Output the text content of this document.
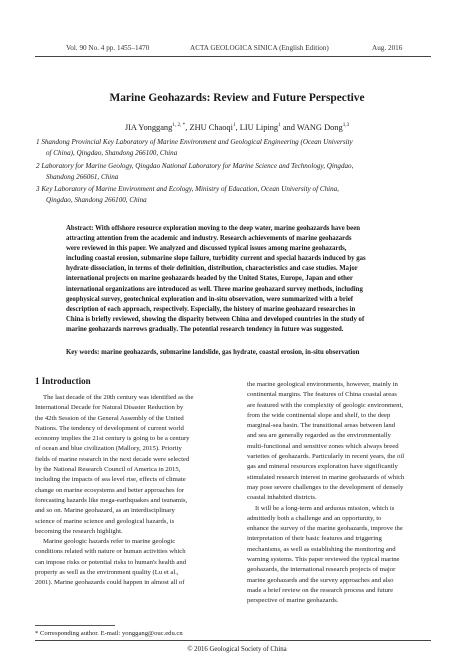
Vol. 90 No. 4 pp. 1455–1470	ACTA GEOLOGICA SINICA (English Edition)	Aug. 2016
Marine Geohazards: Review and Future Perspective
JIA Yonggang$^{1, 2, *}$, ZHU Chaoqi$^1$, LIU Liping$^1$ and WANG Dong$^{1,3}$
1 Shandong Provincial Key Laboratory of Marine Environment and Geological Engineering (Ocean University
of China), Qingdao, Shandong 266100, China
2 Laboratory for Marine Geology, Qingdao National Laboratory for Marine Science and Technology, Qingdao,
Shandong 266061, China
3 Key Laboratory of Marine Environment and Ecology, Ministry of Education, Ocean University of China,
Qingdao, Shandong 266100, China
Abstract: With offshore resource exploration moving to the deep water, marine geohazards have been
attracting attention from the academic and industry. Research achievements of marine geohazards
were reviewed in this paper. We analyzed and discussed typical issues among marine geohazards,
including coastal erosion, submarine slope failure, turbidity current and special hazards induced by gas
hydrate dissociation, in terms of their definition, distribution, characteristics and case studies. Major
international projects on marine geohazards headed by the United States, Europe, Japan and other
international organizations are introduced as well. Three marine geohazard survey methods, including
geophysical survey, geotechnical exploration and in-situ observation, were summarized with a brief
description of each approach, respectively. Especially, the history of marine geohazard researches in
China is briefly reviewed, showing the disparity between China and developed countries in the study of
marine geohazards narrows gradually. The potential research tendency in future was suggested.
Key words: marine geohazards, submarine landslide, gas hydrate, coastal erosion, in-situ observation
1 Introduction
The last decade of the 20th century was identified as the
International Decade for Natural Disaster Reduction by
the 42th Session of the General Assembly of the United
Nations. The tendency of development of current world
economy implies the 21st century is going to be a century
of ocean and blue civilization (Mallory, 2015). Priority
fields of marine research in the next decade were selected
by the National Research Council of America in 2015,
including the impacts of sea level rise, effects of climate
change on marine ecosystems and better approaches for
forecasting hazards like mega-earthquakes and tsunamis,
and so on. Marine geohazard, as an interdisciplinary
science of marine science and geological hazards, is
becoming the research highlight.
Marine geologic hazards refer to marine geologic
conditions related with nature or human activities which
can impose risks or potential risks to human's health and
property as well as the environment quality (Lu et al.,
2001). Marine geohazards could happen in almost all of
the marine geological environments, however, mainly in
continental margins. The features of China coastal areas
are featured with the complexity of geologic environment,
from the wide continental slope and shelf, to the deep
marginal-sea basin. The transitional areas between land
and sea are generally regarded as the environmentally
multi-functional and sensitive zones which always breed
varieties of geohazards. Particularly in recent years, the oil
gas and mineral resources exploration have significantly
stimulated research interest in marine geohazards of which
may pose severe challenges to the development of densely
coastal inhabited districts.
It will be a long-term and arduous mission, which is
admittedly both a challenge and an opportunity, to
enhance the survey of the marine geohazards, improve the
interpretation of their basic features and triggering
mechanisms, as well as establishing the monitoring and
warning systems. This paper reviewed the typical marine
geohazards, the international research projects of major
marine geohazards and the survey approaches and also
made a brief review on the research process and future
perspective of marine geohazards.
* Corresponding author. E-mail: yonggang@ouc.edu.cn
© 2016 Geological Society of China
